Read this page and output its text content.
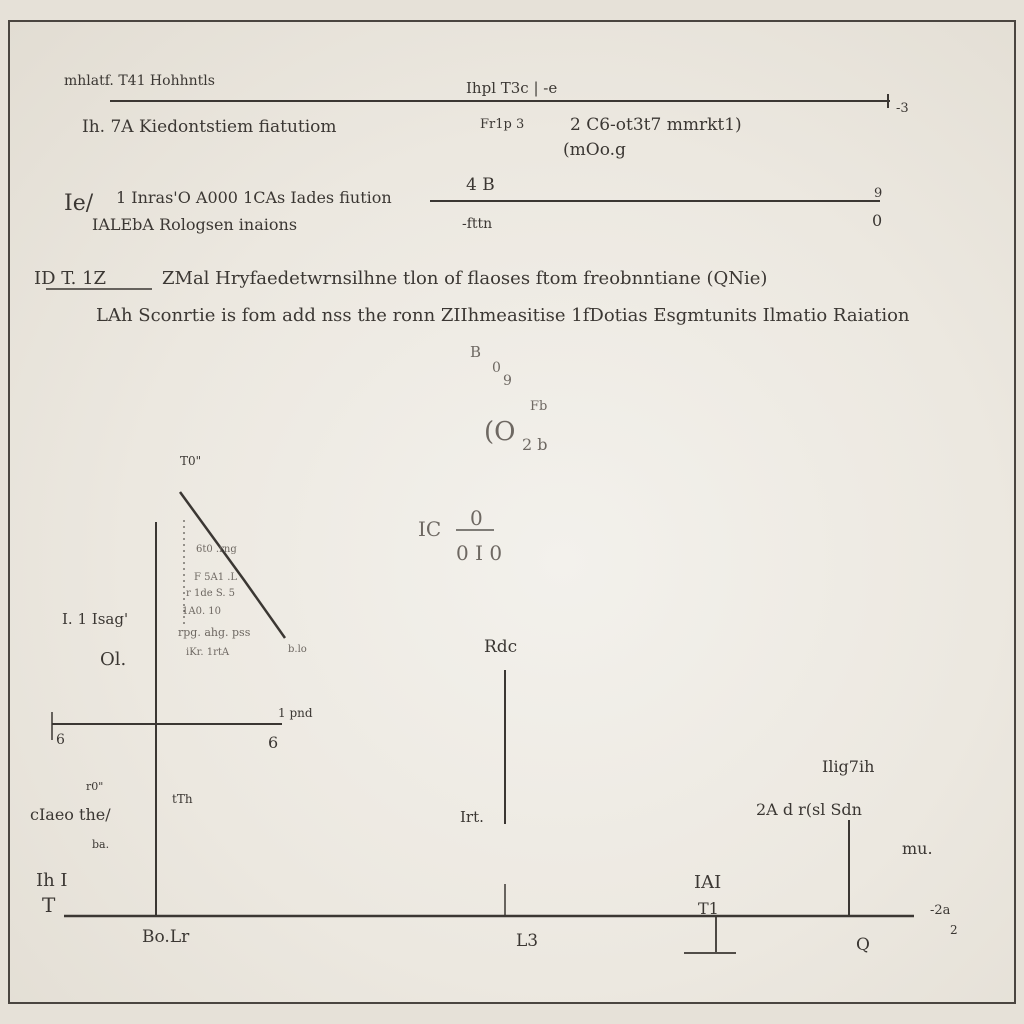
mhlatf. T41 Hohhntls	Ihpl T3c | -e
-3
Ih. 7A Kiedontstiem fiatutiom	Fr1p 3	2 C6-ot3t7 mmrkt1)
(mOo.g
Ie/ 1 Inras'O A000 1CAs Iades fiution
IALEbA Rologsen inaions
4 B
-fttn
9
0
ID T. 1Z	ZMal Hryfaedetwrnsilhne tlon of flaoses ftom freobnntiane (QNie)
LAh Sconrtie is fom add nss the ronn ZIIhmeasitise 1fDotias Esgmtunits Ilmatio Raiation
B
0
9
Fb
(O 2 b
IC 0
0 I 0
T0"
I. 1 Isag'
Ol.
6	6
1 pnd
F 5A1 .L
r 1de S. 5
1A0. 10
rpg. ahg. pss
iKr. 1rtA
6t0 .rng
b.lo
r0"
cIaeo the/
ba.
tTh
Ih I
T
Bo.Lr
Rdc
Irt.
L3
Ilig7ih
2A d r(sl Sdn
mu.
IAI
T1
Q
-2a
2
